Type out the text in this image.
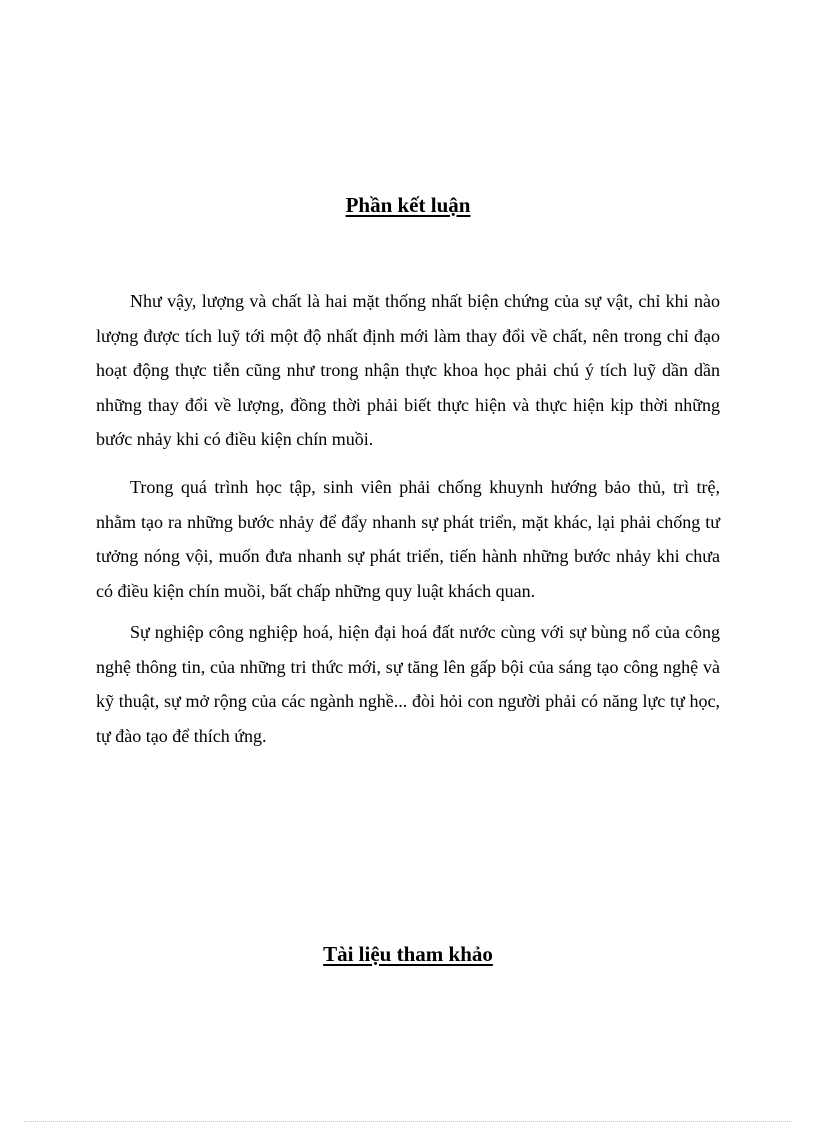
Phần kết luận

Như vậy, lượng và chất là hai mặt thống nhất biện chứng của sự vật, chỉ khi nào lượng được tích luỹ tới một độ nhất định mới làm thay đổi về chất, nên trong chỉ đạo hoạt động thực tiễn cũng như trong nhận thực khoa học phải chú ý tích luỹ dần dần những thay đổi về lượng, đồng thời phải biết thực hiện và thực hiện kịp thời những bước nhảy khi có điều kiện chín muồi.

Trong quá trình học tập, sinh viên phải chống khuynh hướng bảo thủ, trì trệ, nhằm tạo ra những bước nhảy để đẩy nhanh sự phát triển, mặt khác, lại phải chống tư tưởng nóng vội, muốn đưa nhanh sự phát triển, tiến hành những bước nhảy khi chưa có điều kiện chín muồi, bất chấp những quy luật khách quan.

Sự nghiệp công nghiệp hoá, hiện đại hoá đất nước cùng với sự bùng nổ của công nghệ thông tin, của những tri thức mới, sự tăng lên gấp bội của sáng tạo công nghệ và kỹ thuật, sự mở rộng của các ngành nghề... đòi hỏi con người phải có năng lực tự học, tự đào tạo để thích ứng.

Tài liệu tham khảo
